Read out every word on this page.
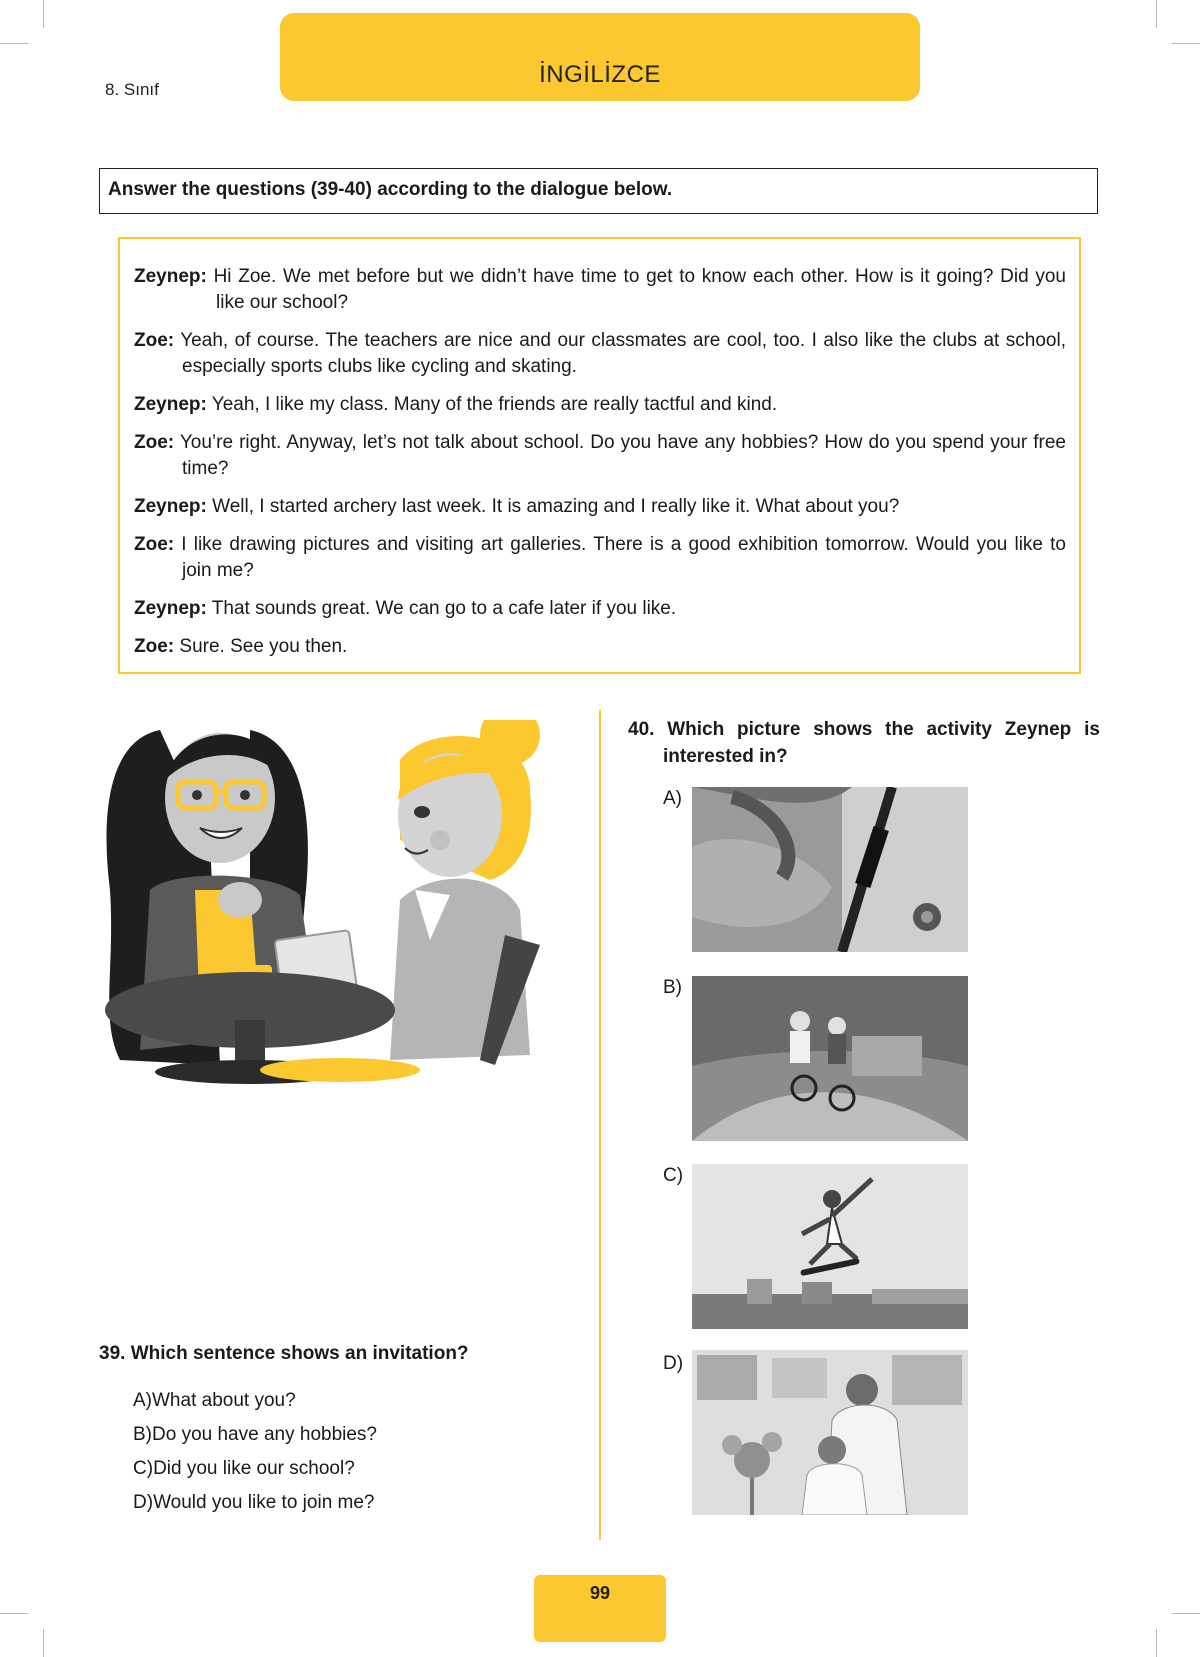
8. Sınıf
İNGİLİZCE
Answer the questions (39-40) according to the dialogue below.
Zeynep: Hi Zoe. We met before but we didn’t have time to get to know each other. How is it going? Did you like our school?
Zoe: Yeah, of course. The teachers are nice and our classmates are cool, too. I also like the clubs at school, especially sports clubs like cycling and skating.
Zeynep: Yeah, I like my class. Many of the friends are really tactful and kind.
Zoe: You’re right. Anyway, let’s not talk about school. Do you have any hobbies? How do you spend your free time?
Zeynep: Well, I started archery last week. It is amazing and I really like it. What about you?
Zoe: I like drawing pictures and visiting art galleries. There is a good exhibition tomorrow. Would you like to join me?
Zeynep: That sounds great. We can go to a cafe later if you like.
Zoe: Sure. See you then.
40. Which picture shows the activity Zeynep is
interested in?
A)
B)
C)
D)
39. Which sentence shows an invitation?
A)What about you?
B)Do you have any hobbies?
C)Did you like our school?
D)Would you like to join me?
99
